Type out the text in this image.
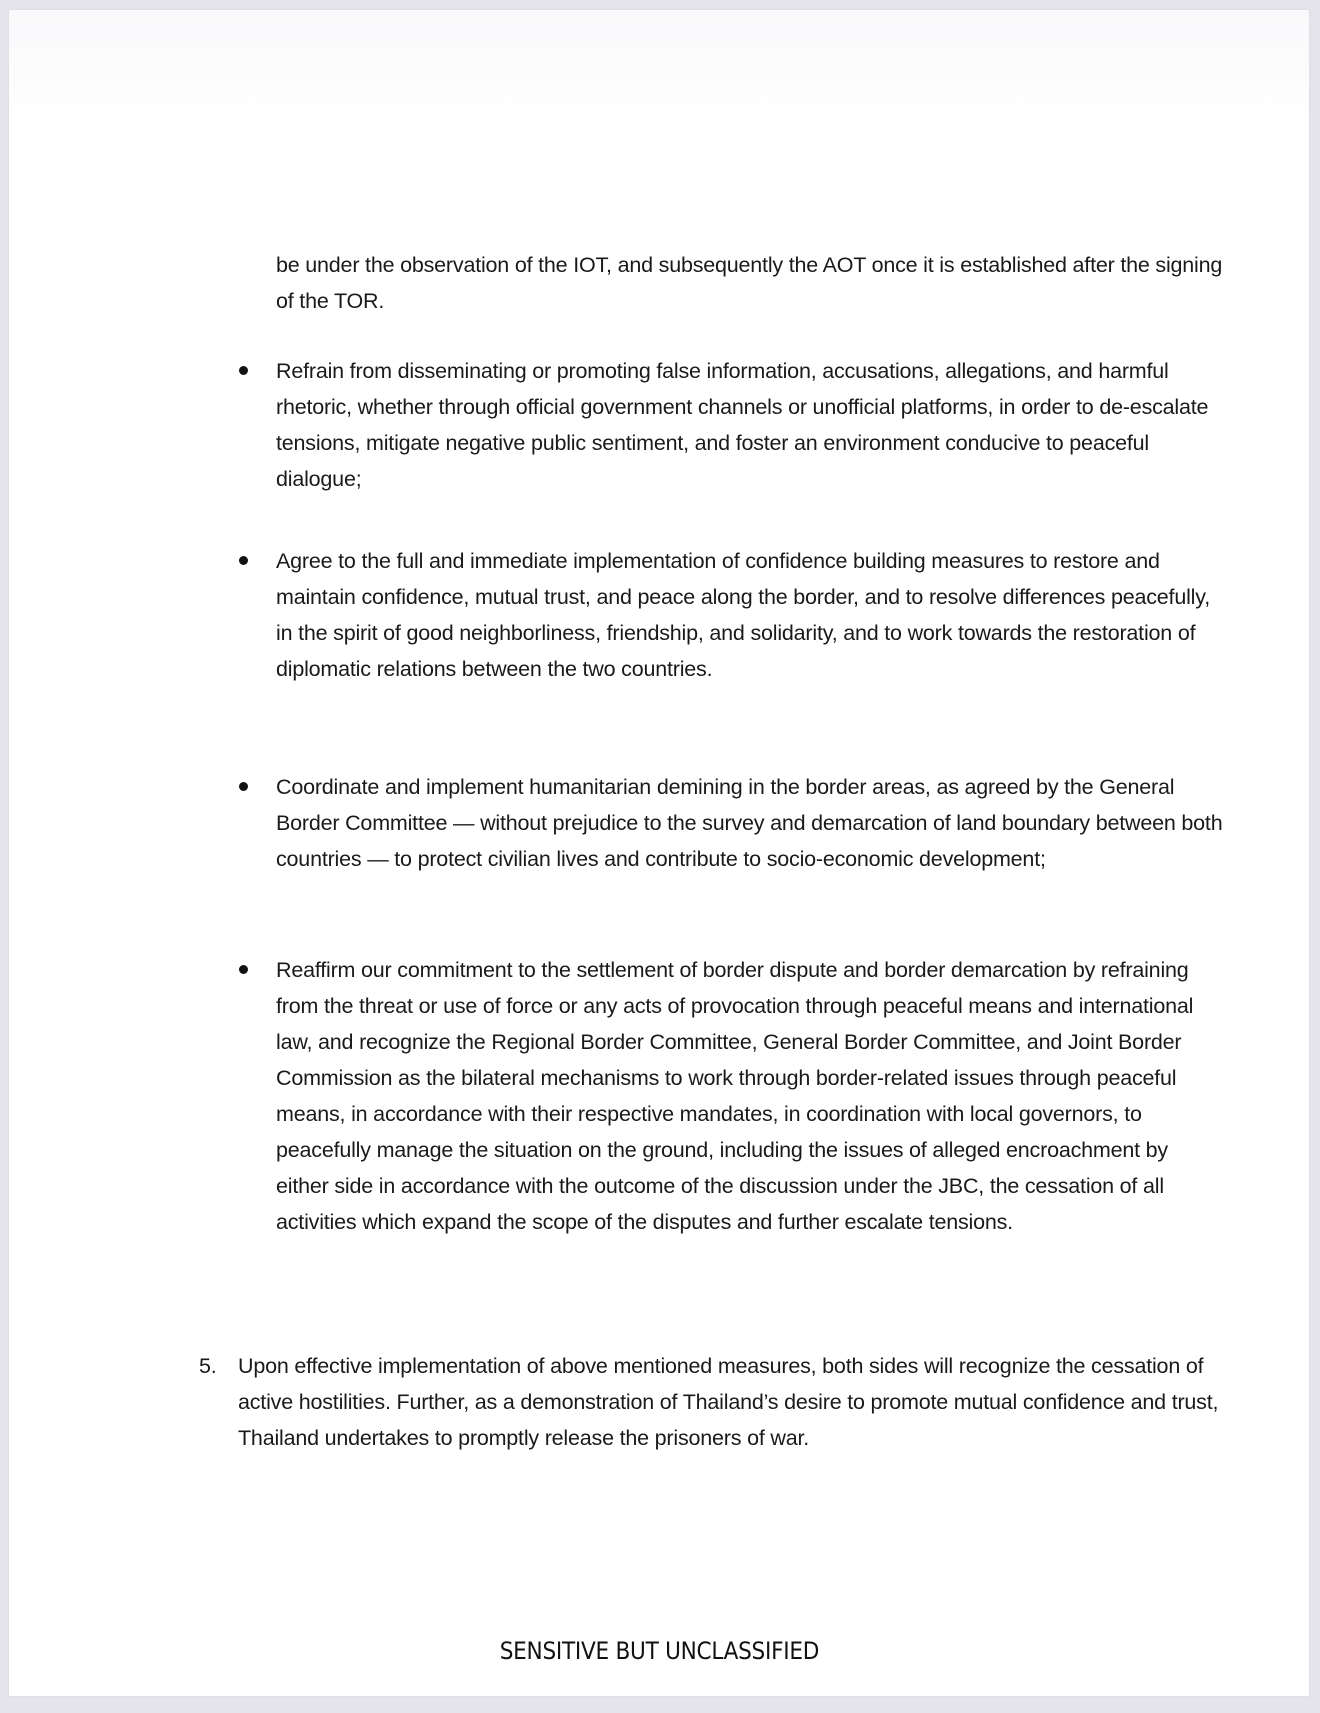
be under the observation of the IOT, and subsequently the AOT once it is established after the signing of the TOR.

Refrain from disseminating or promoting false information, accusations, allegations, and harmful rhetoric, whether through official government channels or unofficial platforms, in order to de-escalate tensions, mitigate negative public sentiment, and foster an environment conducive to peaceful dialogue;

Agree to the full and immediate implementation of confidence building measures to restore and maintain confidence, mutual trust, and peace along the border, and to resolve differences peacefully, in the spirit of good neighborliness, friendship, and solidarity, and to work towards the restoration of diplomatic relations between the two countries.

Coordinate and implement humanitarian demining in the border areas, as agreed by the General Border Committee — without prejudice to the survey and demarcation of land boundary between both countries — to protect civilian lives and contribute to socio-economic development;

Reaffirm our commitment to the settlement of border dispute and border demarcation by refraining from the threat or use of force or any acts of provocation through peaceful means and international law, and recognize the Regional Border Committee, General Border Committee, and Joint Border Commission as the bilateral mechanisms to work through border-related issues through peaceful means, in accordance with their respective mandates, in coordination with local governors, to peacefully manage the situation on the ground, including the issues of alleged encroachment by either side in accordance with the outcome of the discussion under the JBC, the cessation of all activities which expand the scope of the disputes and further escalate tensions.

5. Upon effective implementation of above mentioned measures, both sides will recognize the cessation of active hostilities. Further, as a demonstration of Thailand’s desire to promote mutual confidence and trust, Thailand undertakes to promptly release the prisoners of war.

SENSITIVE BUT UNCLASSIFIED
